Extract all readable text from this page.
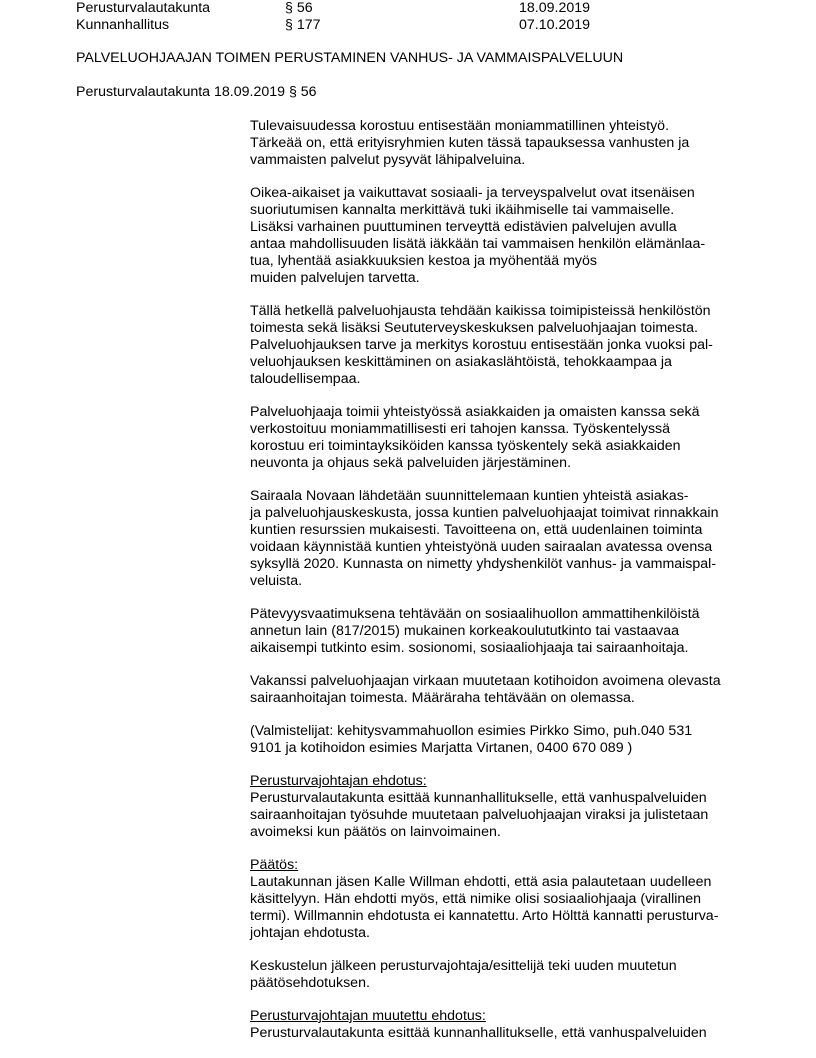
Perusturvalautakunta	§ 56	18.09.2019
Kunnanhallitus	§ 177	07.10.2019
PALVELUOHJAAJAN TOIMEN PERUSTAMINEN VANHUS- JA VAMMAISPALVELUUN
Perusturvalautakunta 18.09.2019 § 56
Tulevaisuudessa korostuu entisestään moniammatillinen yhteistyö.
Tärkeää on, että erityisryhmien kuten tässä tapauksessa vanhusten ja
vammaisten palvelut pysyvät lähipalveluina.
Oikea-aikaiset ja vaikuttavat sosiaali- ja terveyspalvelut ovat itsenäisen
suoriutumisen kannalta merkittävä tuki ikäihmiselle tai vammaiselle.
Lisäksi varhainen puuttuminen terveyttä edistävien palvelujen avulla
antaa mahdollisuuden lisätä iäkkään tai vammaisen henkilön elämänlaa-
tua, lyhentää asiakkuuksien kestoa ja myöhentää myös
muiden palvelujen tarvetta.
Tällä hetkellä palveluohjausta tehdään kaikissa toimipisteissä henkilöstön
toimesta sekä lisäksi Seututerveyskeskuksen palveluohjaajan toimesta.
Palveluohjauksen tarve ja merkitys korostuu entisestään jonka vuoksi pal-
veluohjauksen keskittäminen on asiakaslähtöistä, tehokkaampaa ja
taloudellisempaa.
Palveluohjaaja toimii yhteistyössä asiakkaiden ja omaisten kanssa sekä
verkostoituu moniammatillisesti eri tahojen kanssa. Työskentelyssä
korostuu eri toimintayksiköiden kanssa työskentely sekä asiakkaiden
neuvonta ja ohjaus sekä palveluiden järjestäminen.
Sairaala Novaan lähdetään suunnittelemaan kuntien yhteistä asiakas-
ja palveluohjauskeskusta, jossa kuntien palveluohjaajat toimivat rinnakkain
kuntien resurssien mukaisesti. Tavoitteena on, että uudenlainen toiminta
voidaan käynnistää kuntien yhteistyönä uuden sairaalan avatessa ovensa
syksyllä 2020. Kunnasta on nimetty yhdyshenkilöt vanhus- ja vammaispal-
veluista.
Pätevyysvaatimuksena tehtävään on sosiaalihuollon ammattihenkilöistä
annetun lain (817/2015) mukainen korkeakoulututkinto tai vastaavaa
aikaisempi tutkinto esim. sosionomi, sosiaaliohjaaja tai sairaanhoitaja.
Vakanssi palveluohjaajan virkaan muutetaan kotihoidon avoimena olevasta
sairaanhoitajan toimesta. Määräraha tehtävään on olemassa.
(Valmistelijat: kehitysvammahuollon esimies Pirkko Simo, puh.040 531
9101 ja kotihoidon esimies Marjatta Virtanen, 0400 670 089 )
Perusturvajohtajan ehdotus:
Perusturvalautakunta esittää kunnanhallitukselle, että vanhuspalveluiden
sairaanhoitajan työsuhde muutetaan palveluohjaajan viraksi ja julistetaan
avoimeksi kun päätös on lainvoimainen.
Päätös:
Lautakunnan jäsen Kalle Willman ehdotti, että asia palautetaan uudelleen
käsittelyyn. Hän ehdotti myös, että nimike olisi sosiaaliohjaaja (virallinen
termi). Willmannin ehdotusta ei kannatettu. Arto Hölttä kannatti perusturva-
johtajan ehdotusta.
Keskustelun jälkeen perusturvajohtaja/esittelijä teki uuden muutetun
päätösehdotuksen.
Perusturvajohtajan muutettu ehdotus:
Perusturvalautakunta esittää kunnanhallitukselle, että vanhuspalveluiden
